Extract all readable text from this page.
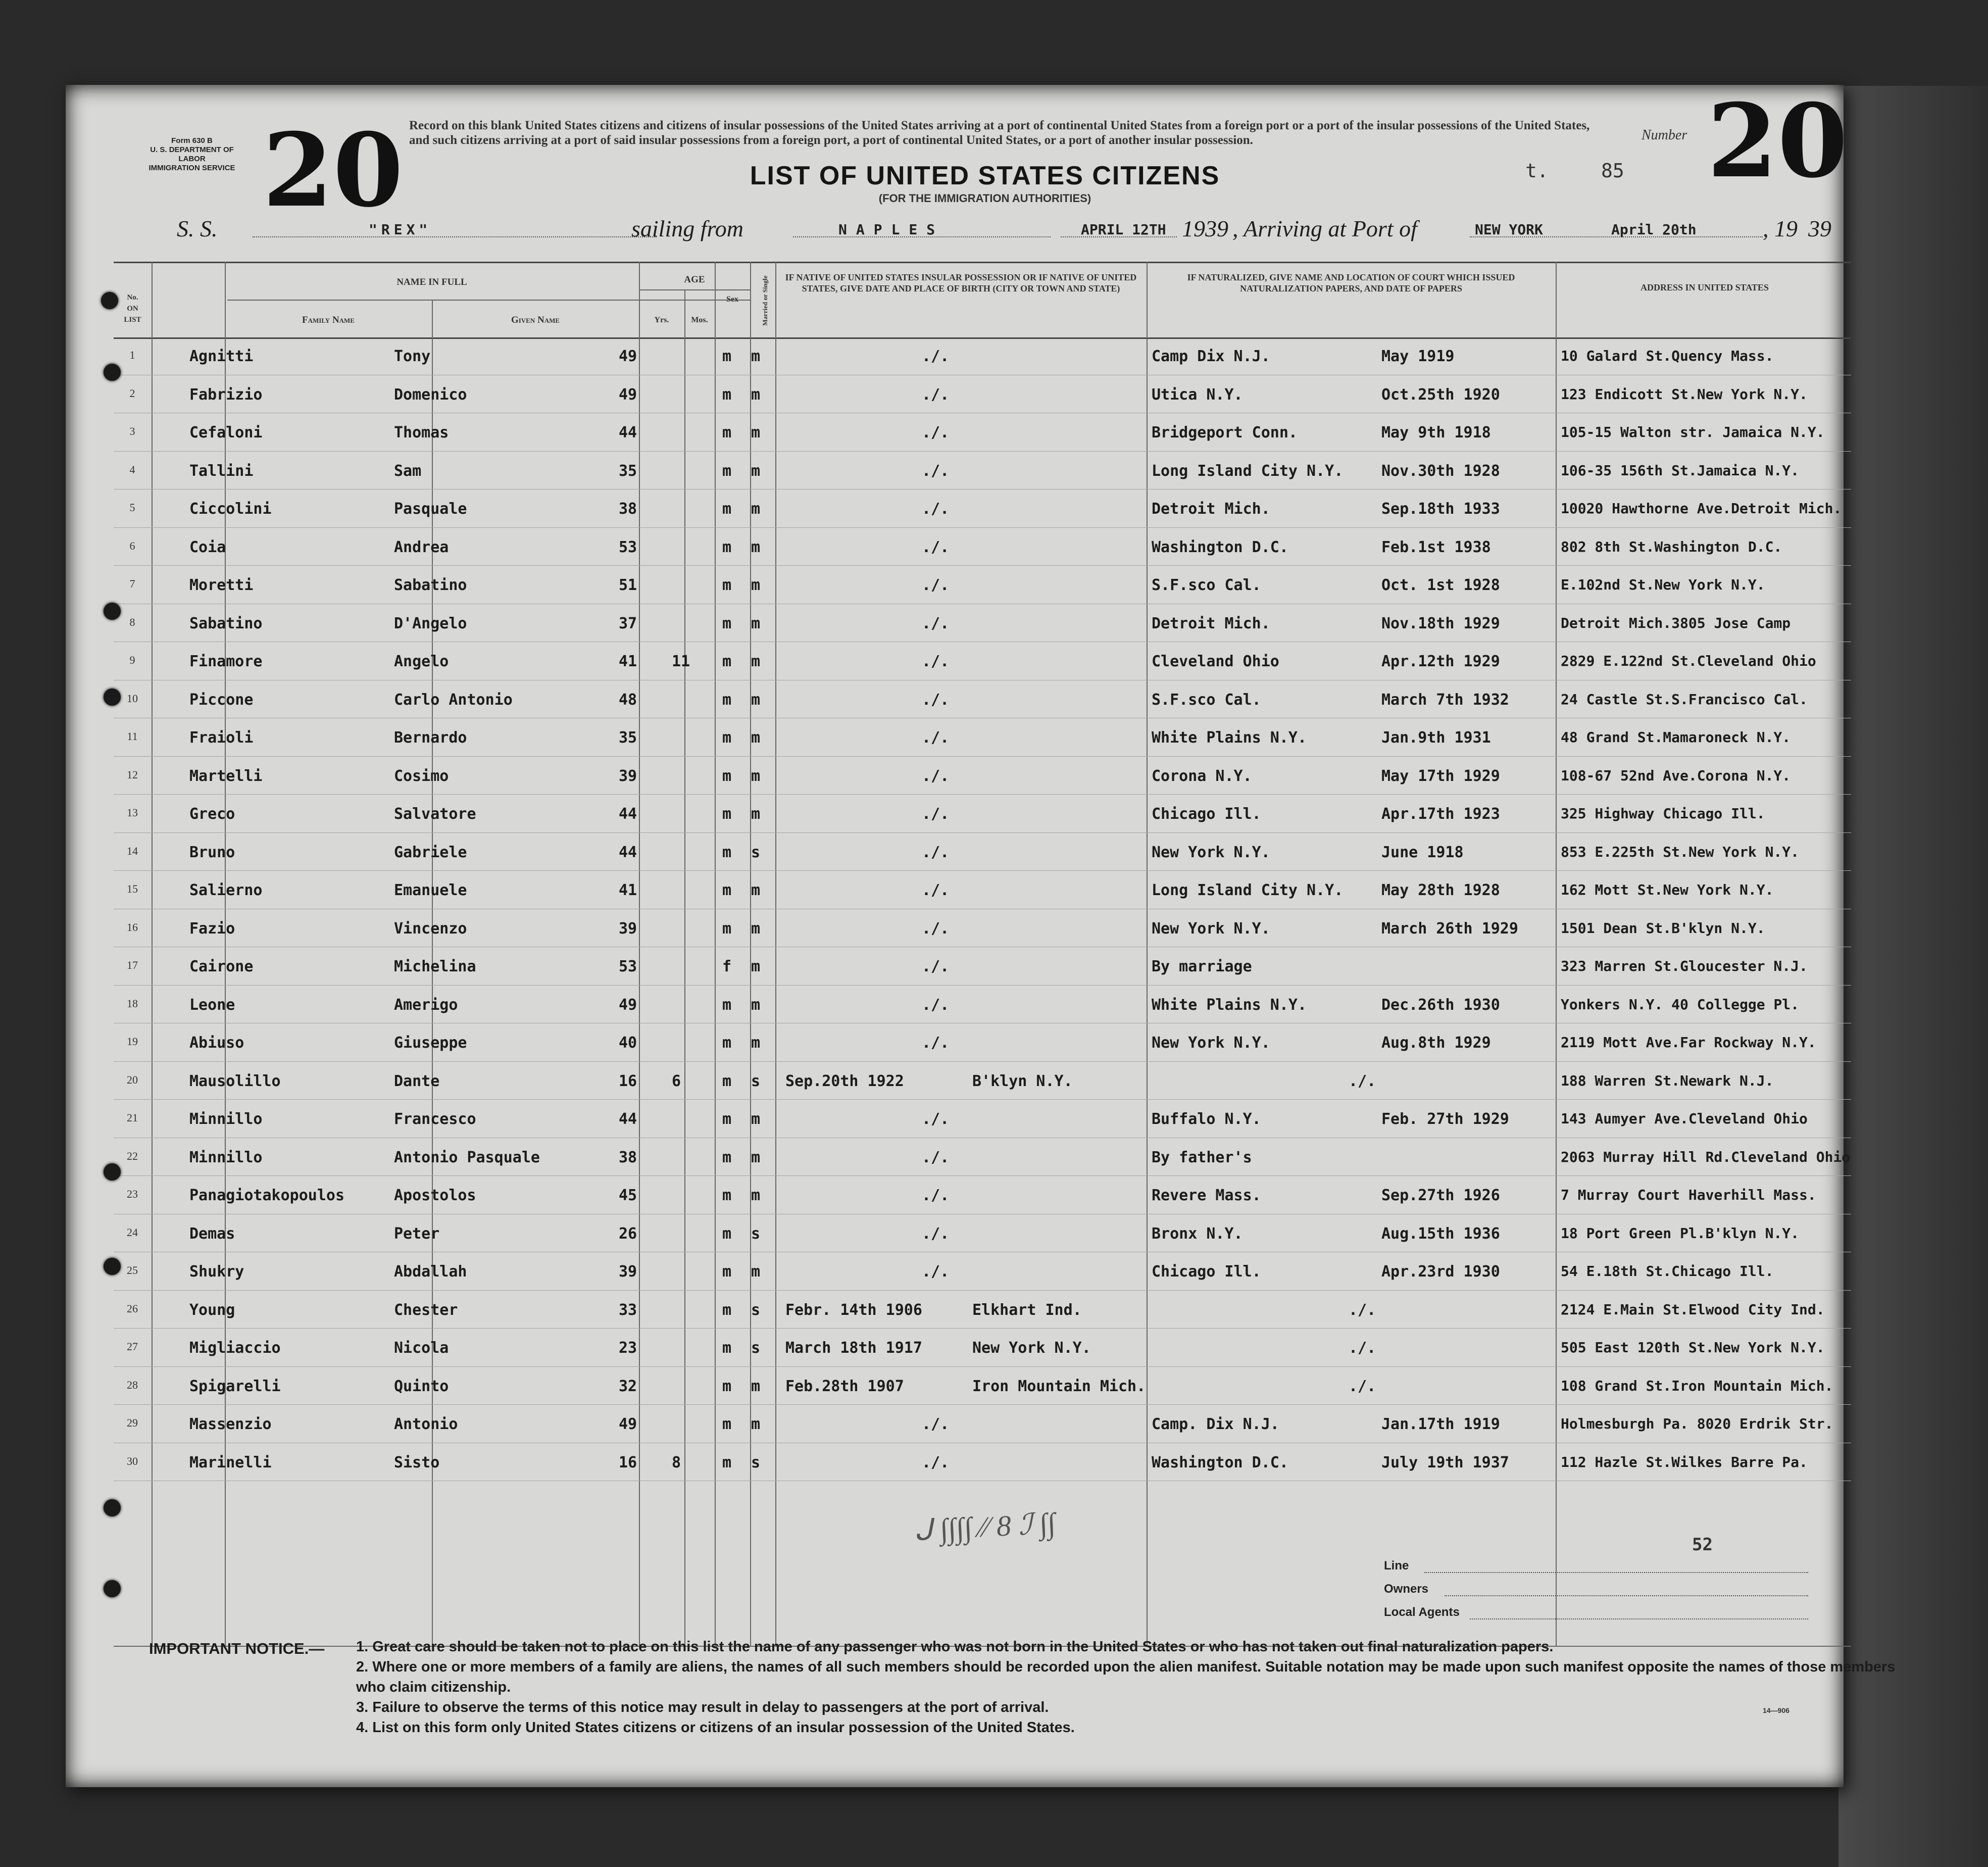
Form 630 B
U. S. DEPARTMENT OF LABOR
IMMIGRATION SERVICE 20 Record on this blank United States citizens and citizens of insular possessions of the United States arriving at a port of continental United States from a foreign port or a port of the insular possessions of the United States, and such citizens arriving at a port of said insular possessions from a foreign port, a port of continental United States, or a port of another insular possession.
LIST OF UNITED STATES CITIZENS
(FOR THE IMMIGRATION AUTHORITIES)
t.	85
Number 20
S. S.	"REX"	sailing from	NAPLES	APRIL 12TH 1939 , Arriving at Port of	NEW YORK	April 20th	, 19 39
No.
ON
LIST
NAME IN FULL
Family Name	Given Name
AGE
Yrs.	Mos.
Sex	Married or Single	IF NATIVE OF UNITED STATES INSULAR POSSESSION OR IF NATIVE OF UNITED STATES, GIVE DATE AND PLACE OF BIRTH (CITY OR TOWN AND STATE)
IF NATURALIZED, GIVE NAME AND LOCATION OF COURT WHICH ISSUED NATURALIZATION PAPERS, AND DATE OF PAPERS	ADDRESS IN UNITED STATES
1	Agnitti	Tony	49	m m	./.	Camp Dix N.J.	May 1919	10 Galard St.Quency Mass.
2	Fabrizio	Domenico	49	m m	./.	Utica N.Y.	Oct.25th 1920	123 Endicott St.New York N.Y.
3	Cefaloni	Thomas	44	m m	./.	Bridgeport Conn.	May 9th 1918	105-15 Walton str. Jamaica N.Y.
4	Tallini	Sam	35	m m	./.	Long Island City N.Y.	Nov.30th 1928	106-35 156th St.Jamaica N.Y.
5	Ciccolini	Pasquale	38	m m	./.	Detroit Mich.	Sep.18th 1933	10020 Hawthorne Ave.Detroit Mich.
6	Coia	Andrea	53	m m	./.	Washington D.C.	Feb.1st 1938	802 8th St.Washington D.C.
7	Moretti	Sabatino	51	m m	./.	S.F.sco Cal.	Oct. 1st 1928	E.102nd St.New York N.Y.
8	Sabatino	D'Angelo	37	m m	./.	Detroit Mich.	Nov.18th 1929	Detroit Mich.3805 Jose Camp
9	Finamore	Angelo	41 11 m m	./.	Cleveland Ohio	Apr.12th 1929	2829 E.122nd St.Cleveland Ohio
10	Piccone	Carlo Antonio	48	m m	./.	S.F.sco Cal.	March 7th 1932	24 Castle St.S.Francisco Cal.
11	Fraioli	Bernardo	35	m m	./.	White Plains N.Y.	Jan.9th 1931	48 Grand St.Mamaroneck N.Y.
12	Martelli	Cosimo	39	m m	./.	Corona N.Y.	May 17th 1929	108-67 52nd Ave.Corona N.Y.
13	Greco	Salvatore	44	m m	./.	Chicago Ill.	Apr.17th 1923	325 Highway Chicago Ill.
14	Bruno	Gabriele	44	m s	./.	New York N.Y.	June 1918	853 E.225th St.New York N.Y.
15	Salierno	Emanuele	41	m m	./.	Long Island City N.Y.	May 28th 1928	162 Mott St.New York N.Y.
16	Fazio	Vincenzo	39	m m	./.	New York N.Y.	March 26th 1929	1501 Dean St.B'klyn N.Y.
17	Cairone	Michelina	53	f m	./.	By marriage	323 Marren St.Gloucester N.J.
18	Leone	Amerigo	49	m m	./.	White Plains N.Y.	Dec.26th 1930	Yonkers N.Y. 40 Collegge Pl.
19	Abiuso	Giuseppe	40	m m	./.	New York N.Y.	Aug.8th 1929	2119 Mott Ave.Far Rockway N.Y.
20	Mausolillo	Dante	16 6	m s Sep.20th 1922	B'klyn N.Y.	./.	188 Warren St.Newark N.J.
21	Minnillo	Francesco	44	m m	./.	Buffalo N.Y.	Feb. 27th 1929	143 Aumyer Ave.Cleveland Ohio
22	Minnillo	Antonio Pasquale	38	m m	./.	By father's	2063 Murray Hill Rd.Cleveland Ohio
23	Panagiotakopoulos	Apostolos	45	m m	./.	Revere Mass.	Sep.27th 1926	7 Murray Court Haverhill Mass.
24	Demas	Peter	26	m s	./.	Bronx N.Y.	Aug.15th 1936	18 Port Green Pl.B'klyn N.Y.
25	Shukry	Abdallah	39	m m	./.	Chicago Ill.	Apr.23rd 1930	54 E.18th St.Chicago Ill.
26	Young	Chester	33	m s Febr. 14th 1906	Elkhart Ind.	./.	2124 E.Main St.Elwood City Ind.
27	Migliaccio	Nicola	23	m s March 18th 1917	New York N.Y.	./.	505 East 120th St.New York N.Y.
28	Spigarelli	Quinto	32	m m Feb.28th 1907	Iron Mountain Mich.	./.	108 Grand St.Iron Mountain Mich.
29	Massenzio	Antonio	49	m m	./.	Camp. Dix N.J.	Jan.17th 1919	Holmesburgh Pa. 8020 Erdrik Str.
30	Marinelli	Sisto	16 8	m s	./.	Washington D.C.	July 19th 1937	112 Hazle St.Wilkes Barre Pa.
52
ᒍ ∫∫∫∫ ∕∕ 8 ℐ ∫∫
Line
Owners
Local Agents
IMPORTANT NOTICE.— 1. Great care should be taken not to place on this list the name of any passenger who was not born in the United States or who has not taken out final naturalization papers.
2. Where one or more members of a family are aliens, the names of all such members should be recorded upon the alien manifest. Suitable notation may be made upon such manifest opposite the names of those members who claim citizenship.
3. Failure to observe the terms of this notice may result in delay to passengers at the port of arrival.
4. List on this form only United States citizens or citizens of an insular possession of the United States.
14—906
